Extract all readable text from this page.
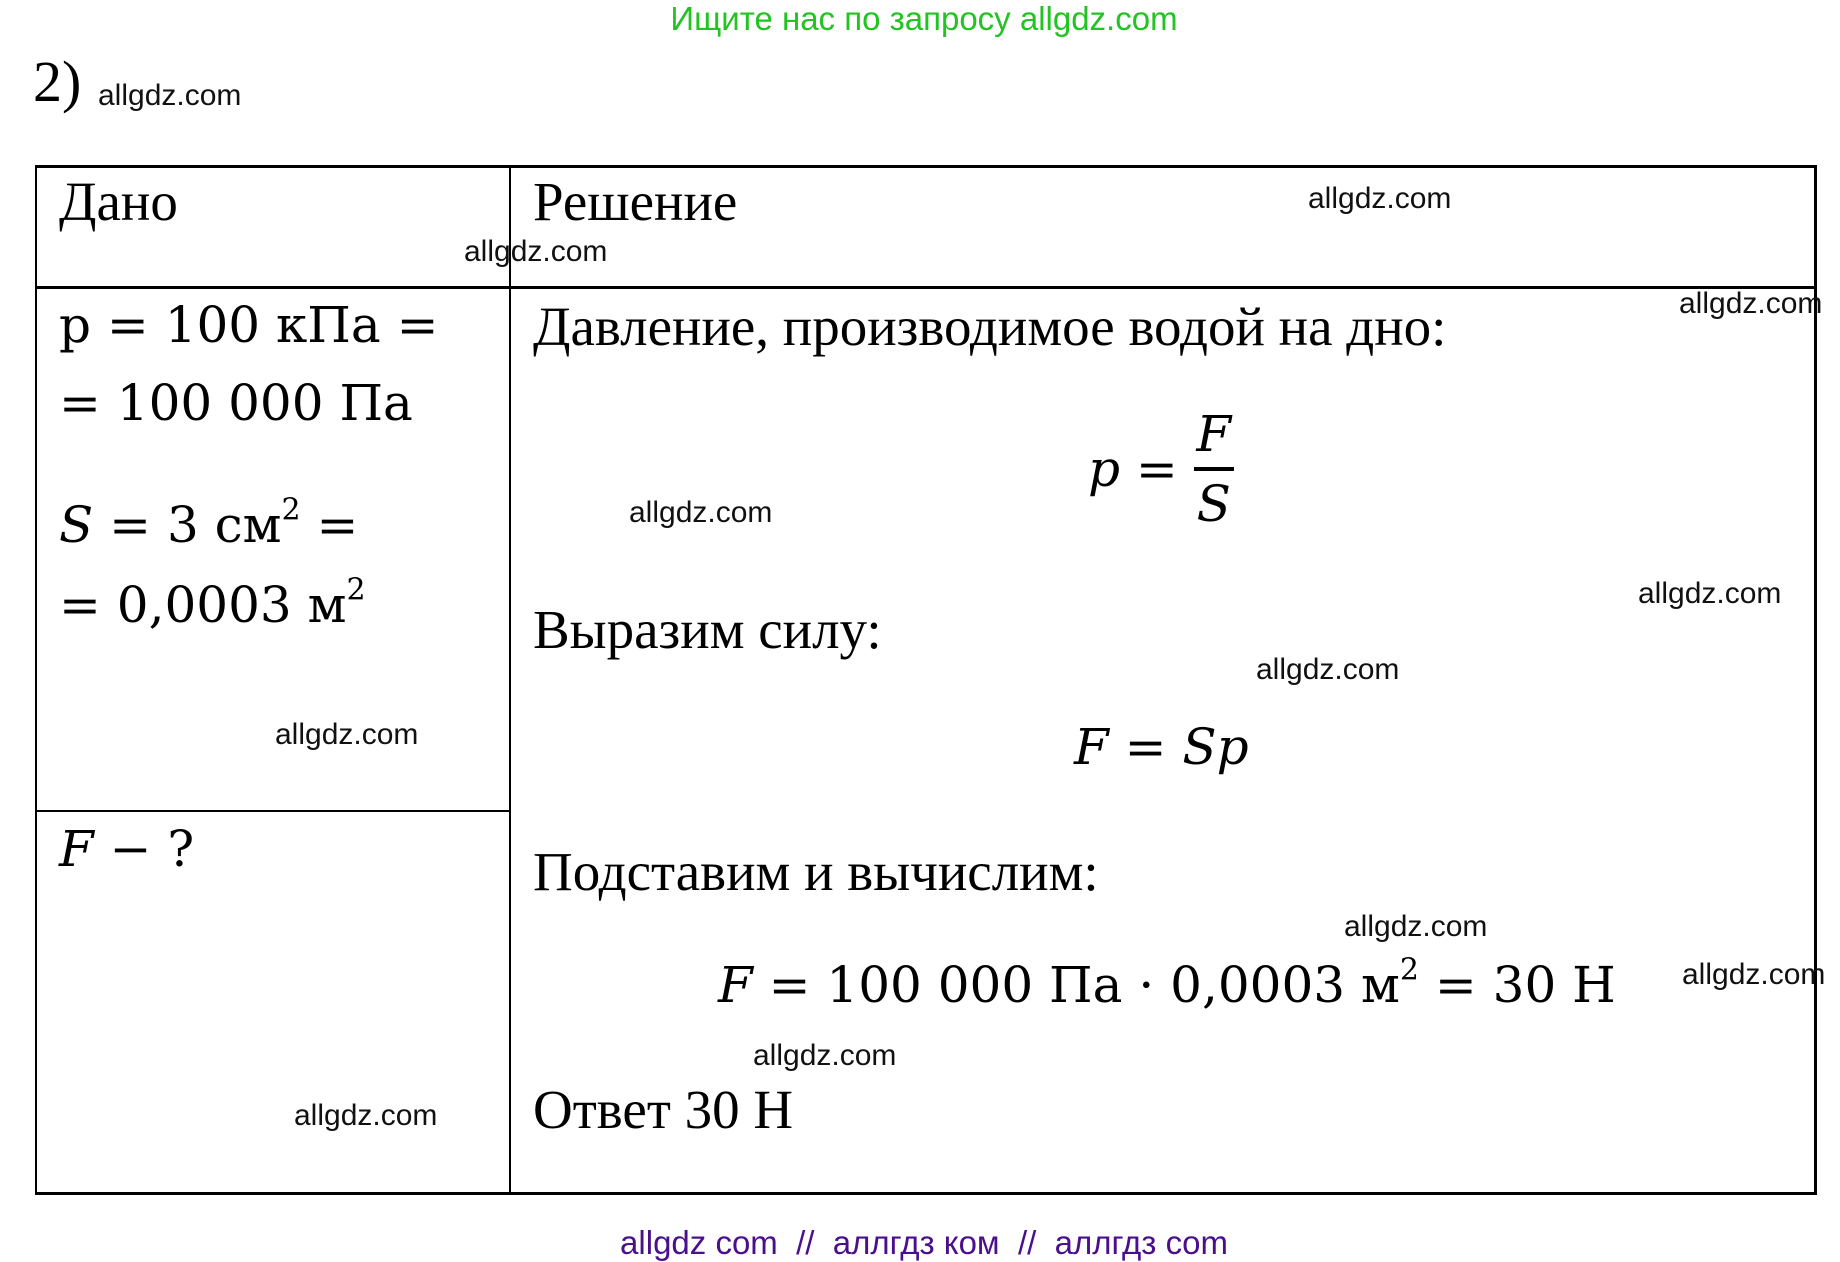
Ищите нас по запросу allgdz.com
2) allgdz.com
Дано	Решение
p = 100 кПа =
= 100 000 Па
S = 3 $см^2$ =
= 0,0003 $м^2$
F − ?
Давление, производимое водой на дно:
$p = \frac{F}{S}$
Выразим силу:
F = Sp
Подставим и вычислим:
F = 100 000 Па · 0,0003 $м^2 = 30$ Н
Ответ 30 Н
allgdz.com
allgdz.com
allgdz.com
allgdz.com
allgdz.com
allgdz.com
allgdz.com
allgdz.com
allgdz.com
allgdz.com
allgdz.com
allgdz com  //  аллгдз ком  //  аллгдз com
